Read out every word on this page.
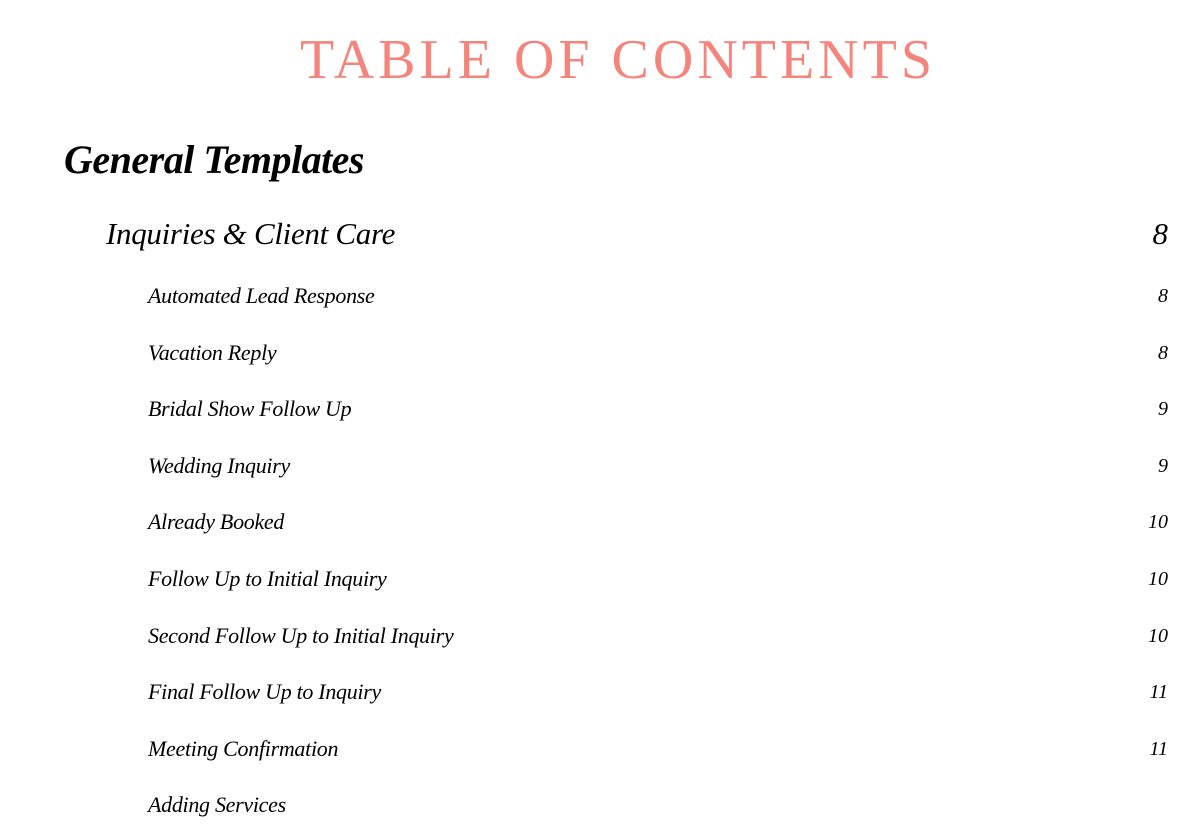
TABLE OF CONTENTS
General Templates
Inquiries & Client Care	8
Automated Lead Response	8
Vacation Reply	8
Bridal Show Follow Up	9
Wedding Inquiry	9
Already Booked	10
Follow Up to Initial Inquiry	10
Second Follow Up to Initial Inquiry	10
Final Follow Up to Inquiry	11
Meeting Confirmation	11
Adding Services
